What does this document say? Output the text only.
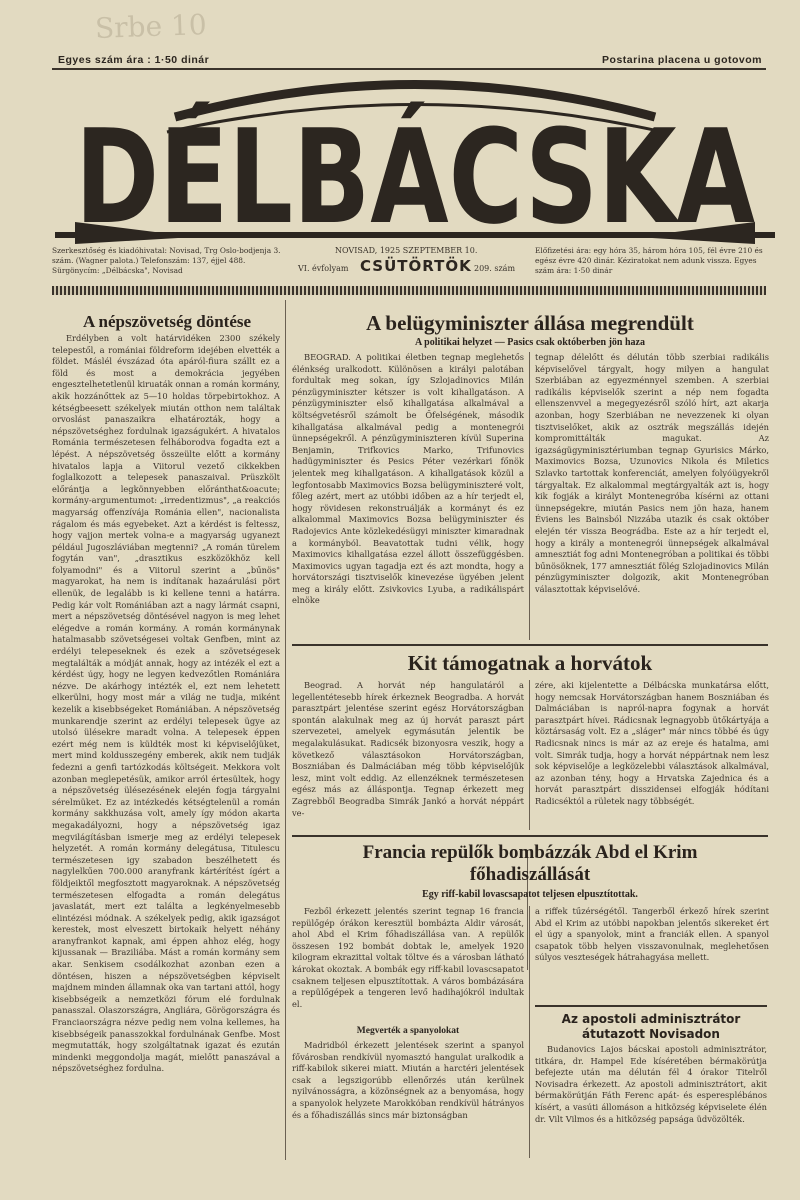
Egyes szám ára : 1·50 dinár	Postarina placena u gotovom
Srbe 10
DÉLBÁCSKA
Szerkesztőség és kiadóhivatal: Novisad, Trg Oslo-bodjenja 3. szám. (Wagner palota.) Telefonszám: 137, éjjel 488. Sürgönycím: „Délbácska", Novisad
NOVISAD, 1925 SZEPTEMBER 10.
VI. évfolyam CSÜTÖRTÖK 209. szám
Előfizetési ára: egy hóra 35, három hóra 105, fél évre 210 és egész évre 420 dinár. Kéziratokat nem adunk vissza. Egyes szám ára: 1·50 dinár
A népszövetség döntése
Erdélyben a volt határvidéken 2300 székely telepestől, a romániai földreform idejében elvették a földet. Máslél évszázad óta apáról-fiura szállt ez a föld és most a demokrácia jegyében engesztelhetetlenül kiruaták onnan a román kormány, akik hozzánőttek az 5—10 holdas törpebirtokhoz. A kétségbeesett székelyek miután otthon nem találtak orvoslást panaszaikra elhatározták, hogy a népszövetséghez fordulnak igazságukért. A hivatalos Románia természetesen felháborodva fogadta ezt a lépést. A népszövetség összeülte előtt a kormány hivatalos lapja a Viitorul vezető cikkekben foglalkozott a telepesek panaszaival. Prüszkölt előrántja a legkönnyebben előránthat&oacute; kormány-argumentumot: „irredentizmus", „a reakciós magyarság offenzívája Románia ellen", nacionalista rágalom és más egyebeket. Azt a kérdést is feltessz, hogy vajjon mertek volna-e a magyarság ugyanezt például Jugoszláviában megtenni? „A román türelem fogytán van", „drasztikus eszközökhöz kell folyamodni" és a Viitorul szerint a „bűnös" magyarokat, ha nem is indítanak hazaárulási pört ellenük, de legalább is ki kellene tenni a határra. Pedig kár volt Romániában azt a nagy lármát csapni, mert a népszövetség döntésével nagyon is meg lehet elégedve a román kormány. A román kormánynak hatalmasabb szövetségesei voltak Genfben, mint az erdélyi telepeseknek és ezek a szövetségesek megtalálták a módját annak, hogy az intézék el ezt a kérdést úgy, hogy ne legyen kedvezőtlen Romániára nézve. De akárhogy intézték el, ezt nem lehetett elkerülni, hogy most már a világ ne tudja, miként kezelik a kisebbségeket Romániában. A népszövetség munkarendje szerint az erdélyi telepesek ügye az utolsó ülésekre maradt volna. A telepesek éppen ezért még nem is küldték most ki képviselőjüket, mert mind koldusszegény emberek, akik nem tudják fedezni a genfi tartózkodás költségeit. Mekkora volt azonban meglepetésük, amikor arról értesültek, hogy a népszövetség ülésezésének elején fogja tárgyalni sérelmüket. Ez az intézkedés kétségtelenül a román kormány sakkhuzása volt, amely így módon akarta megakadályozni, hogy a népszövetség igaz megvilágításban ismerje meg az erdélyi telepesek helyzetét. A román kormány delegátusa, Titulescu természetesen igy szabadon beszélhetett és nagylelkűen 700.000 aranyfrank kártérítést ígért a földjeiktől megfosztott magyaroknak. A népszövetség természetesen elfogadta a román delegátus javaslatát, mert ezt találta a legkényelmesebb elintézési módnak. A székelyek pedig, akik igazságot kerestek, most elveszett birtokaik helyett néhány aranyfrankot kapnak, ami éppen ahhoz elég, hogy kijussanak — Braziliába. Mást a román kormány sem akar. Senkisem csodálkozhat azonban ezen a döntésen, hiszen a népszövetségben képviselt majdnem minden államnak oka van tartani attól, hogy kisebbségeik a nemzetközi fórum elé fordulnak panasszal. Olaszországra, Angliára, Görögországra és Franciaországra nézve pedig nem volna kellemes, ha kisebbségeik panasszokkal fordulnának Genfbe. Most megmutatták, hogy szolgáltatnak igazat és ezután mindenki meggondolja magát, mielőtt panaszával a népszövetséghez fordulna.
A belügyminiszter állása megrendült
A politikai helyzet — Pasics csak októberben jön haza
BEOGRAD. A politikai életben tegnap meglehetős élénkség uralkodott. Különösen a királyi palotában fordultak meg sokan, így Szlojadinovics Milán pénzügyminiszter kétszer is volt kihallgatáson. A pénzügyminiszter első kihallgatása alkalmával a költségvetésről számolt be Őfelségének, második kihallgatása alkalmával pedig a montenegrói ünnepségekről. A pénzügyminiszteren kívül Superina Benjamin, Trifkovics Marko, Trifunovics hadügyminiszter és Pesics Péter vezérkari főnök jelentek meg kihallgatáson. A kihallgatások közül a legfontosabb Maximovics Bozsa belügyminiszteré volt, főleg azért, mert az utóbbi időben az a hír terjedt el, hogy rövidesen rekonstruálják a kormányt és ez alkalommal Maximovics Bozsa belügyminiszter és Radojevics Ante közlekedésügyi miniszter kimaradnak a kormányból. Beavatottak tudni vélik, hogy Maximovics kihallgatása ezzel állott összefüggésben. Maximovics ugyan tagadja ezt és azt mondta, hogy a horvátországi tisztviselők kinevezése ügyében jelent meg a király előtt. Zsivkovics Lyuba, a radikálispárt elnöke
tegnap délelőtt és délután több szerbiai radikális képviselővel tárgyalt, hogy milyen a hangulat Szerbiában az egyezménnyel szemben. A szerbiai radikális képviselők szerint a nép nem fogadta ellenszenvvel a megegyezésről szóló hírt, azt akarja azonban, hogy Szerbiában ne nevezzenek ki olyan tisztviselőket, akik az osztrák megszállás idején kompromittálták magukat. Az igazságügyminisztériumban tegnap Gyurisics Márko, Maximovics Bozsa, Uzunovics Nikola és Miletics Szlavko tartottak konferenciát, amelyen folyóügyekről tárgyaltak. Ez alkalommal megtárgyalták azt is, hogy kik fogják a királyt Montenegróba kísérni az ottani ünnepségekre, miután Pasics nem jön haza, hanem Éviens les Bainsból Nizzába utazik és csak október elején tér vissza Beográdba. Este az a hír terjedt el, hogy a király a montenegrói ünnepségek alkalmával amnesztiát fog adni Montenegróban a politikai és többi bűnösöknek, 177 amnesztiát fölég Szlojadinovics Milán pénzügyminiszter dolgozik, akit Montenegróban választottak képviselővé.
Kit támogatnak a horvátok
Beograd. A horvát nép hangulatáról a legellentétesebb hírek érkeznek Beogradba. A horvát parasztpárt jelentése szerint egész Horvátországban spontán alakulnak meg az új horvát paraszt párt szervezetei, amelyek egymásután jelentik be megalakulásukat. Radicsék bizonyosra veszik, hogy a következő választásokon Horvátországban, Boszniában és Dalmáciában még több képviselőjük lesz, mint volt eddig. Az ellenzéknek természetesen egész más az álláspontja. Tegnap érkezett meg Zagrebből Beogradba Simrák Jankó a horvát néppárt ve-
zére, aki kijelentette a Délbácska munkatársa előtt, hogy nemcsak Horvátországban hanem Boszniában és Dalmáciában is napról-napra fogynak a horvát parasztpárt hívei. Rádicsnak legnagyobb ütőkártyája a köztársaság volt. Ez a „sláger" már nincs többé és úgy Radicsnak nincs is már az az ereje és hatalma, ami volt. Simrák tudja, hogy a horvát néppártnak nem lesz sok képviselője a legközelebbi választások alkalmával, az azonban tény, hogy a Hrvatska Zajednica és a horvát parasztpárt disszidensei elfogják hódítani Radicséktól a rületek nagy többségét.
Francia repülők bombázzák Abd el Krim
főhadiszállását
Egy riff-kabil lovascsapatot teljesen elpusztítottak.
Fezből érkezett jelentés szerint tegnap 16 francia repülőgép órákon keresztül bombázta Aldir városát, ahol Abd el Krim főhadiszállása van. A repülők összesen 192 bombát dobtak le, amelyek 1920 kilogram ekrazittal voltak töltve és a városban látható károkat okoztak. A bombák egy riff-kabil lovascsapatot csaknem teljesen elpusztítottak. A város bombázására a repülőgépek a tengeren levő hadihajókról indultak el.
Megverték a spanyolokat
Madridból érkezett jelentések szerint a spanyol fővárosban rendkívül nyomasztó hangulat uralkodik a riff-kabilok sikerei miatt. Miután a harctéri jelentések csak a legszigorúbb ellenőrzés után kerülnek nyilvánosságra, a közönségnek az a benyomása, hogy a spanyolok helyzete Marokkóban rendkívül hátrányos és a főhadiszállás sincs már biztonságban
a riffek tűzérségétől. Tangerből érkező hírek szerint Abd el Krim az utóbbi napokban jelentős sikereket ért el úgy a spanyolok, mint a franciák ellen. A spanyol csapatok több helyen visszavonulnak, meglehetősen súlyos veszteségek hátrahagyása mellett.
Az apostoli adminisztrátor
átutazott Novisadon
Budanovics Lajos bácskai apostoli adminisztrátor, titkára, dr. Hampel Ede kíséretében bérmakörútja befejezte után ma délután fél 4 órakor Titelről Novisadra érkezett. Az apostoli adminisztrátort, akit bérmakörútján Fáth Ferenc apát- és esperesplébános kísért, a vasúti állomáson a hitközség képviselete élén dr. Vilt Vilmos és a hitközség papsága üdvözölték.
